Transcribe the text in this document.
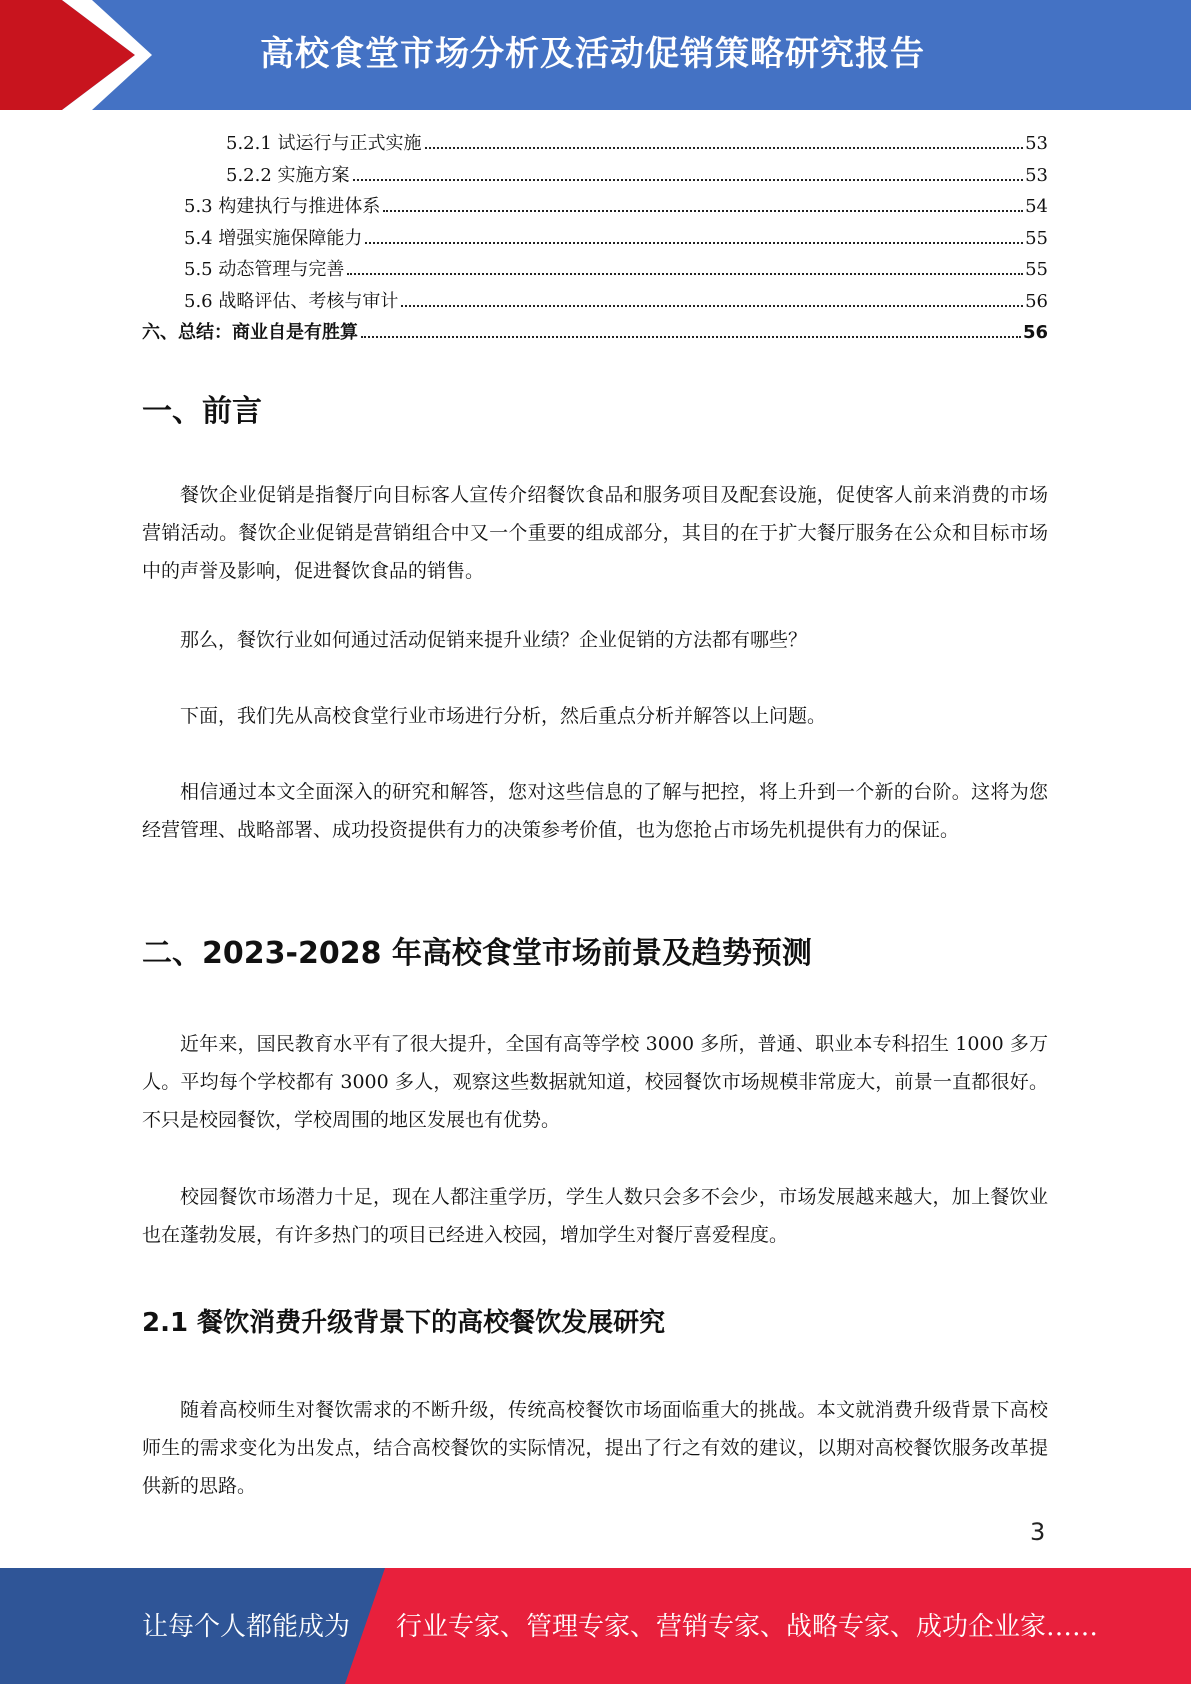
高校食堂市场分析及活动促销策略研究报告
5.2.1 试运行与正式实施	53
5.2.2 实施方案	53
5.3 构建执行与推进体系	54
5.4 增强实施保障能力	55
5.5 动态管理与完善	55
5.6 战略评估、考核与审计	56
六、总结：商业自是有胜算	56
一、前言

餐饮企业促销是指餐厅向目标客人宣传介绍餐饮食品和服务项目及配套设施，促使客人前来消费的市场营销活动。餐饮企业促销是营销组合中又一个重要的组成部分，其目的在于扩大餐厅服务在公众和目标市场中的声誉及影响，促进餐饮食品的销售。

那么，餐饮行业如何通过活动促销来提升业绩？企业促销的方法都有哪些？

下面，我们先从高校食堂行业市场进行分析，然后重点分析并解答以上问题。

相信通过本文全面深入的研究和解答，您对这些信息的了解与把控，将上升到一个新的台阶。这将为您经营管理、战略部署、成功投资提供有力的决策参考价值，也为您抢占市场先机提供有力的保证。

二、2023-2028 年高校食堂市场前景及趋势预测

近年来，国民教育水平有了很大提升，全国有高等学校 3000 多所，普通、职业本专科招生 1000 多万人。平均每个学校都有 3000 多人，观察这些数据就知道，校园餐饮市场规模非常庞大，前景一直都很好。不只是校园餐饮，学校周围的地区发展也有优势。

校园餐饮市场潜力十足，现在人都注重学历，学生人数只会多不会少，市场发展越来越大，加上餐饮业也在蓬勃发展，有许多热门的项目已经进入校园，增加学生对餐厅喜爱程度。

2.1 餐饮消费升级背景下的高校餐饮发展研究

随着高校师生对餐饮需求的不断升级，传统高校餐饮市场面临重大的挑战。本文就消费升级背景下高校师生的需求变化为出发点，结合高校餐饮的实际情况，提出了行之有效的建议，以期对高校餐饮服务改革提供新的思路。

3
让每个人都能成为 行业专家、管理专家、营销专家、战略专家、成功企业家……
